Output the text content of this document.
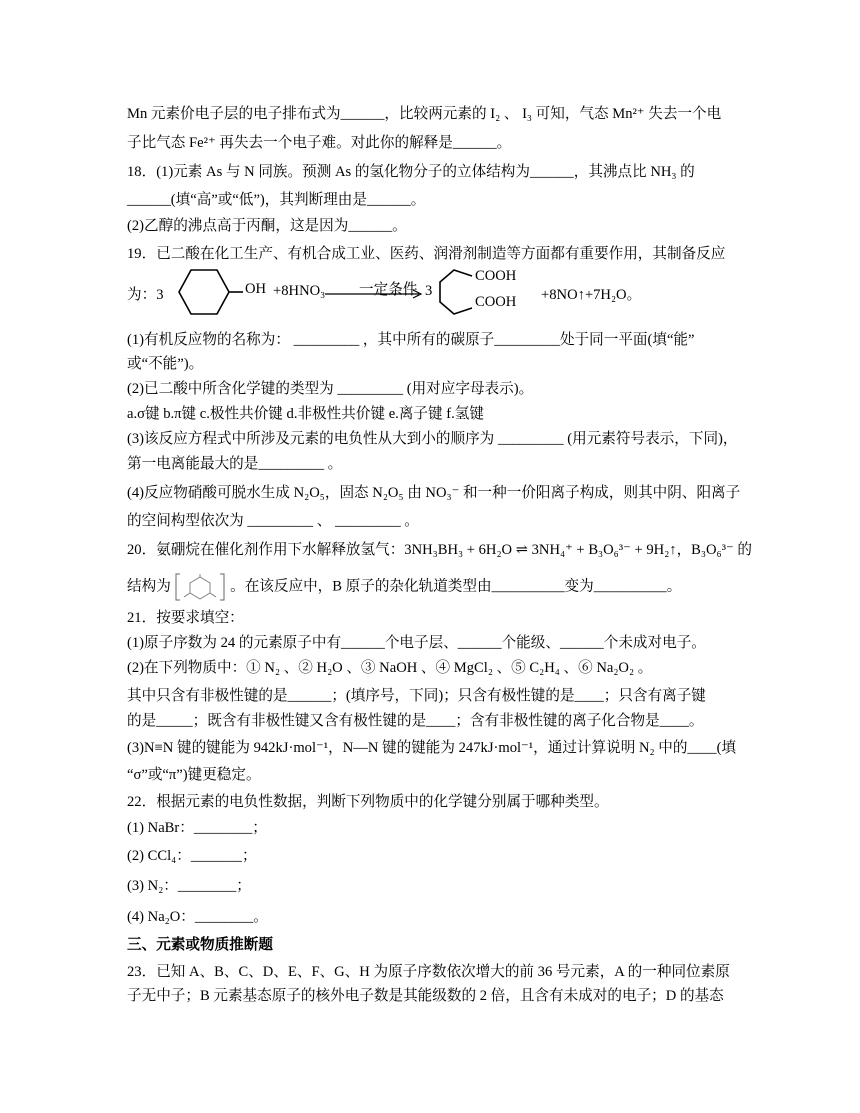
Mn 元素价电子层的电子排布式为______，比较两元素的 I₂ 、 I₃ 可知，气态 Mn²⁺ 失去一个电
子比气态 Fe²⁺ 再失去一个电子难。对此你的解释是______。
18．(1)元素 As 与 N 同族。预测 As 的氢化物分子的立体结构为______，其沸点比 NH₃ 的
______(填“高”或“低”)，其判断理由是______。
(2)乙醇的沸点高于丙酮，这是因为______。
19．已二酸在化工生产、有机合成工业、医药、润滑剂制造等方面都有重要作用，其制备反应
为：3	OH +8HNO₃ 一定条件 3
COOH
COOH +8NO↑+7H₂O。
(1)有机反应物的名称为： _________ ，其中所有的碳原子_________处于同一平面(填“能”
或“不能”)。
(2)已二酸中所含化学键的类型为 _________ (用对应字母表示)。
a.σ键 b.π键 c.极性共价键 d.非极性共价键 e.离子键 f.氢键
(3)该反应方程式中所涉及元素的电负性从大到小的顺序为 _________ (用元素符号表示，下同)，
第一电离能最大的是_________ 。
(4)反应物硝酸可脱水生成 N₂O₅，固态 N₂O₅ 由 NO₃⁻ 和一种一价阳离子构成，则其中阴、阳离子
的空间构型依次为 _________ 、 _________ 。
20．氨硼烷在催化剂作用下水解释放氢气：3NH₃BH₃ + 6H₂O ⇌ 3NH₄⁺ + B₃O₆³⁻ + 9H₂↑，B₃O₆³⁻ 的
结构为	。在该反应中，B 原子的杂化轨道类型由__________变为__________。
21．按要求填空：
(1)原子序数为 24 的元素原子中有______个电子层、______个能级、______个未成对电子。
(2)在下列物质中：① N₂ 、② H₂O 、③ NaOH 、④ MgCl₂ 、⑤ C₂H₄ 、⑥ Na₂O₂ 。
其中只含有非极性键的是______；(填序号，下同)；只含有极性键的是____；只含有离子键
的是_____；既含有非极性键又含有极性键的是____；含有非极性键的离子化合物是____。
(3)N≡N 键的键能为 942kJ·mol⁻¹，N—N 键的键能为 247kJ·mol⁻¹，通过计算说明 N₂ 中的____(填
“σ”或“π”)键更稳定。
22．根据元素的电负性数据，判断下列物质中的化学键分别属于哪种类型。
(1) NaBr：________；
(2) CCl₄：_______；
(3) N₂：________；
(4) Na₂O：________。
三、元素或物质推断题
23．已知 A、B、C、D、E、F、G、H 为原子序数依次增大的前 36 号元素，A 的一种同位素原
子无中子；B 元素基态原子的核外电子数是其能级数的 2 倍，且含有未成对的电子；D 的基态
